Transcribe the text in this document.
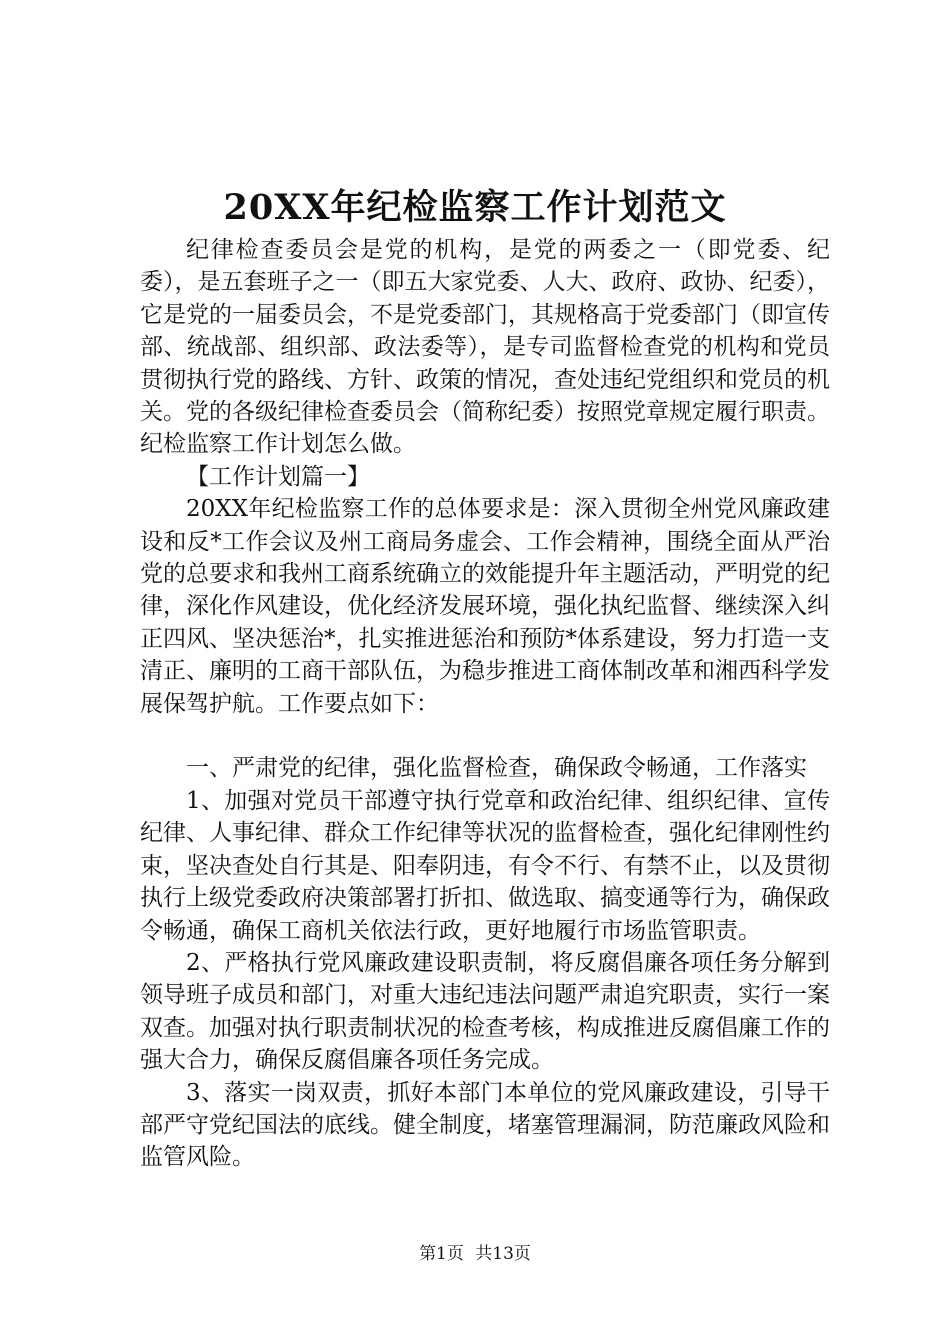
20XX年纪检监察工作计划范文

纪律检查委员会是党的机构，是党的两委之一（即党委、纪委），是五套班子之一（即五大家党委、人大、政府、政协、纪委），它是党的一届委员会，不是党委部门，其规格高于党委部门（即宣传部、统战部、组织部、政法委等），是专司监督检查党的机构和党员贯彻执行党的路线、方针、政策的情况，查处违纪党组织和党员的机关。党的各级纪律检查委员会（简称纪委）按照党章规定履行职责。纪检监察工作计划怎么做。

【工作计划篇一】

20XX年纪检监察工作的总体要求是：深入贯彻全州党风廉政建设和反*工作会议及州工商局务虚会、工作会精神，围绕全面从严治党的总要求和我州工商系统确立的效能提升年主题活动，严明党的纪律，深化作风建设，优化经济发展环境，强化执纪监督、继续深入纠正四风、坚决惩治*，扎实推进惩治和预防*体系建设，努力打造一支清正、廉明的工商干部队伍，为稳步推进工商体制改革和湘西科学发展保驾护航。工作要点如下：

一、严肃党的纪律，强化监督检查，确保政令畅通，工作落实

1、加强对党员干部遵守执行党章和政治纪律、组织纪律、宣传纪律、人事纪律、群众工作纪律等状况的监督检查，强化纪律刚性约束，坚决查处自行其是、阳奉阴违，有令不行、有禁不止，以及贯彻执行上级党委政府决策部署打折扣、做选取、搞变通等行为，确保政令畅通，确保工商机关依法行政，更好地履行市场监管职责。

2、严格执行党风廉政建设职责制，将反腐倡廉各项任务分解到领导班子成员和部门，对重大违纪违法问题严肃追究职责，实行一案双查。加强对执行职责制状况的检查考核，构成推进反腐倡廉工作的强大合力，确保反腐倡廉各项任务完成。

3、落实一岗双责，抓好本部门本单位的党风廉政建设，引导干部严守党纪国法的底线。健全制度，堵塞管理漏洞，防范廉政风险和监管风险。

第1页 共13页
